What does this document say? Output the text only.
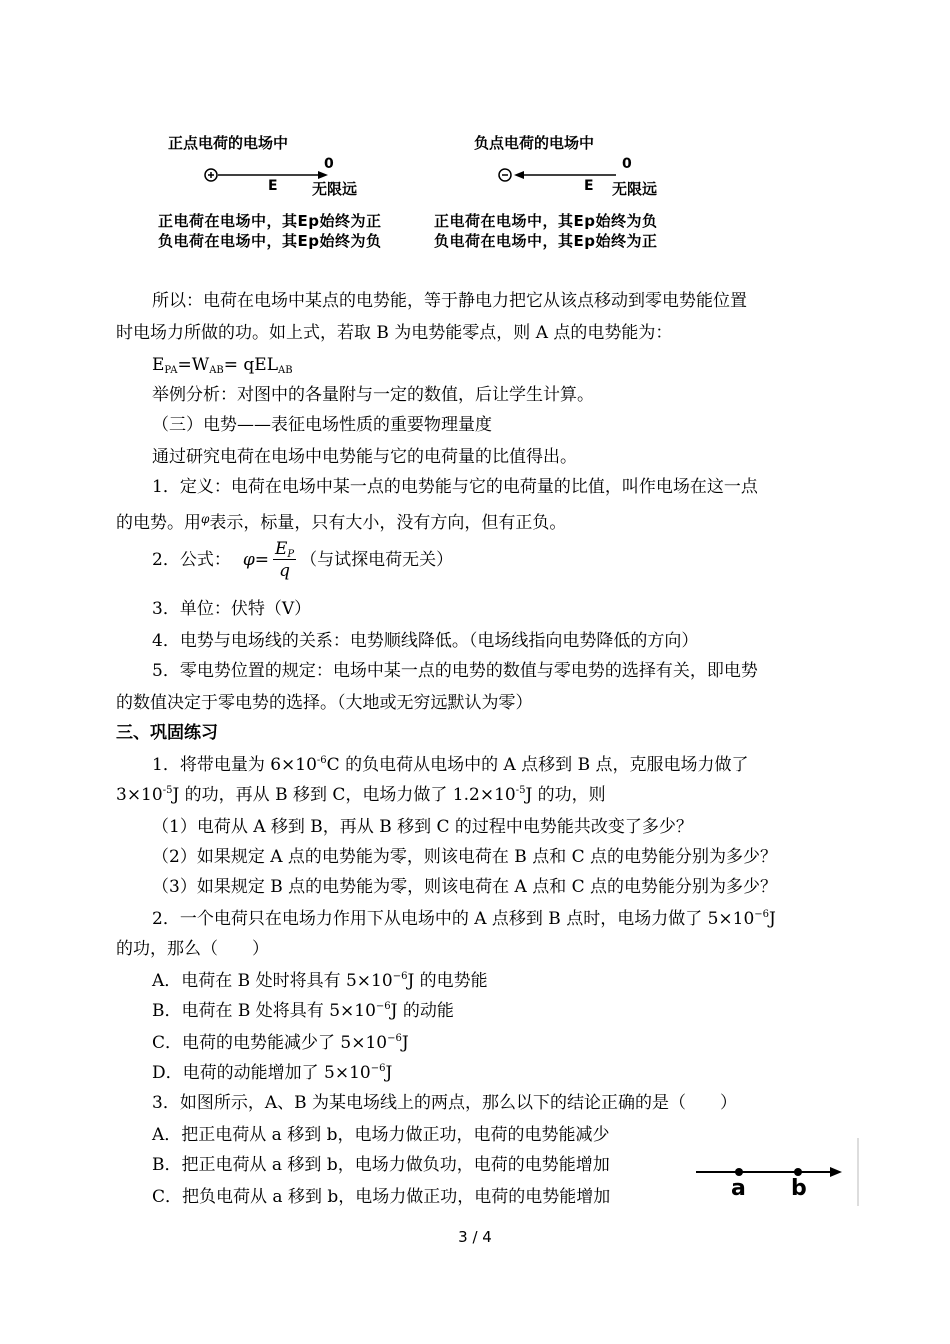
正点电荷的电场中
0
E 无限远
正电荷在电场中，其Ep始终为正
负电荷在电场中，其Ep始终为负
负点电荷的电场中
0
E 无限远
正电荷在电场中，其Ep始终为负
负电荷在电场中，其Ep始终为正
所以：电荷在电场中某点的电势能，等于静电力把它从该点移动到零电势能位置
时电场力所做的功。如上式，若取 B 为电势能零点，则 A 点的电势能为：
$E_{PA}=W_{AB}= qEL_{AB}$
举例分析：对图中的各量附与一定的数值，后让学生计算。
（三）电势——表征电场性质的重要物理量度
通过研究电荷在电场中电势能与它的电荷量的比值得出。
1．定义：电荷在电场中某一点的电势能与它的电荷量的比值，叫作电场在这一点
的电势。用$^\varphi$表示，标量，只有大小，没有方向，但有正负。
2．公式： $\varphi= \frac{E_P}{q}$ （与试探电荷无关）
3．单位：伏特（V）
4．电势与电场线的关系：电势顺线降低。（电场线指向电势降低的方向）
5．零电势位置的规定：电场中某一点的电势的数值与零电势的选择有关，即电势
的数值决定于零电势的选择。（大地或无穷远默认为零）
三、巩固练习
1．将带电量为 $6\times 10^{-6}C$ 的负电荷从电场中的 A 点移到 B 点，克服电场力做了
$3\times 10^{-5}J$ 的功，再从 B 移到 C，电场力做了 $1.2\times 10^{-5}J$ 的功，则
（1）电荷从 A 移到 B，再从 B 移到 C 的过程中电势能共改变了多少？
（2）如果规定 A 点的电势能为零，则该电荷在 B 点和 C 点的电势能分别为多少？
（3）如果规定 B 点的电势能为零，则该电荷在 A 点和 C 点的电势能分别为多少？
2．一个电荷只在电场力作用下从电场中的 A 点移到 B 点时，电场力做了 $5\times 10^{-6}J$
的功，那么（　　）
A．电荷在 B 处时将具有 $5\times 10^{-6}J$ 的电势能
B．电荷在 B 处将具有 $5\times 10^{-6}J$ 的动能
C．电荷的电势能减少了 $5\times 10^{-6}J$
D．电荷的动能增加了 $5\times 10^{-6}J$
3．如图所示，A、B 为某电场线上的两点，那么以下的结论正确的是（　　）
A．把正电荷从 a 移到 b，电场力做正功，电荷的电势能减少
B．把正电荷从 a 移到 b，电场力做负功，电荷的电势能增加
C．把负电荷从 a 移到 b，电场力做正功，电荷的电势能增加	a b
3 / 4
